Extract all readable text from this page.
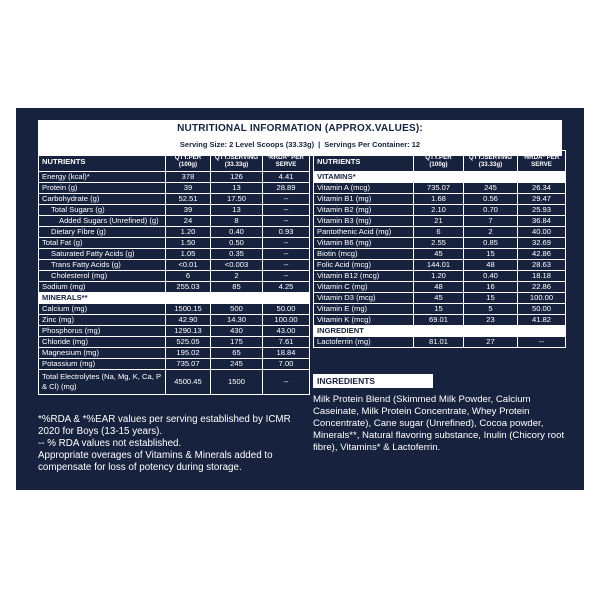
NUTRITIONAL INFORMATION (APPROX.VALUES):
Serving Size: 2 Level Scoops (33.33g) | Servings Per Container: 12
NUTRIENTS	QTY.PER (100g)	QTY./SERVING (33.33g)	%RDA* PER SERVE
Energy (kcal)*	378	126	4.41
Protein (g)	39	13	28.89
Carbohydrate (g)	52.51	17.50	--
Total Sugars (g)	39	13	--
Added Sugars (Unrefined) (g)	24	8	--
Dietary Fibre (g)	1.20	0.40	0.93
Total Fat (g)	1.50	0.50	--
Saturated Fatty Acids (g)	1.05	0.35	--
Trans Fatty Acids (g)	<0.01	<0.003	--
Cholesterol (mg)	6	2	--
Sodium (mg)	255.03	85	4.25
MINERALS**			
Calcium (mg)	1500.15	500	50.00
Zinc (mg)	42.90	14.30	100.00
Phosphorus (mg)	1290.13	430	43.00
Chloride (mg)	525.05	175	7.61
Magnesium (mg)	195.02	65	18.84
Potassium (mg)	735.07	245	7.00
Total Electrolytes (Na, Mg, K, Ca, P & Cl) (mg)	4500.45	1500	--
NUTRIENTS	QTY.PER (100g)	QTY./SERVING (33.33g)	%RDA* PER SERVE
VITAMINS*			
Vitamin A (mcg)	735.07	245	26.34
Vitamin B1 (mg)	1.68	0.56	29.47
Vitamin B2 (mg)	2.10	0.70	25.93
Vitamin B3 (mg)	21	7	36.84
Pantothenic Acid (mg)	6	2	40.00
Vitamin B6 (mg)	2.55	0.85	32.69
Biotin (mcg)	45	15	42.86
Folic Acid (mcg)	144.01	48	28.63
Vitamin B12 (mcg)	1.20	0.40	18.18
Vitamin C (mg)	48	16	22.86
Vitamin D3 (mcg)	45	15	100.00
Vitamin E (mg)	15	5	50.00
Vitamin K (mcg)	69.01	23	41.82
INGREDIENT			
Lactoferrin (mg)	81.01	27	--
INGREDIENTS
Milk Protein Blend (Skimmed Milk Powder, Calcium Caseinate, Milk Protein Concentrate, Whey Protein Concentrate), Cane sugar (Unrefined), Cocoa powder, Minerals**, Natural flavoring substance, Inulin (Chicory root fibre), Vitamins* & Lactoferrin.
*%RDA & *%EAR values per serving established by ICMR 2020 for Boys (13-15 years).
-- % RDA values not established.
Appropriate overages of Vitamins & Minerals added to compensate for loss of potency during storage.
